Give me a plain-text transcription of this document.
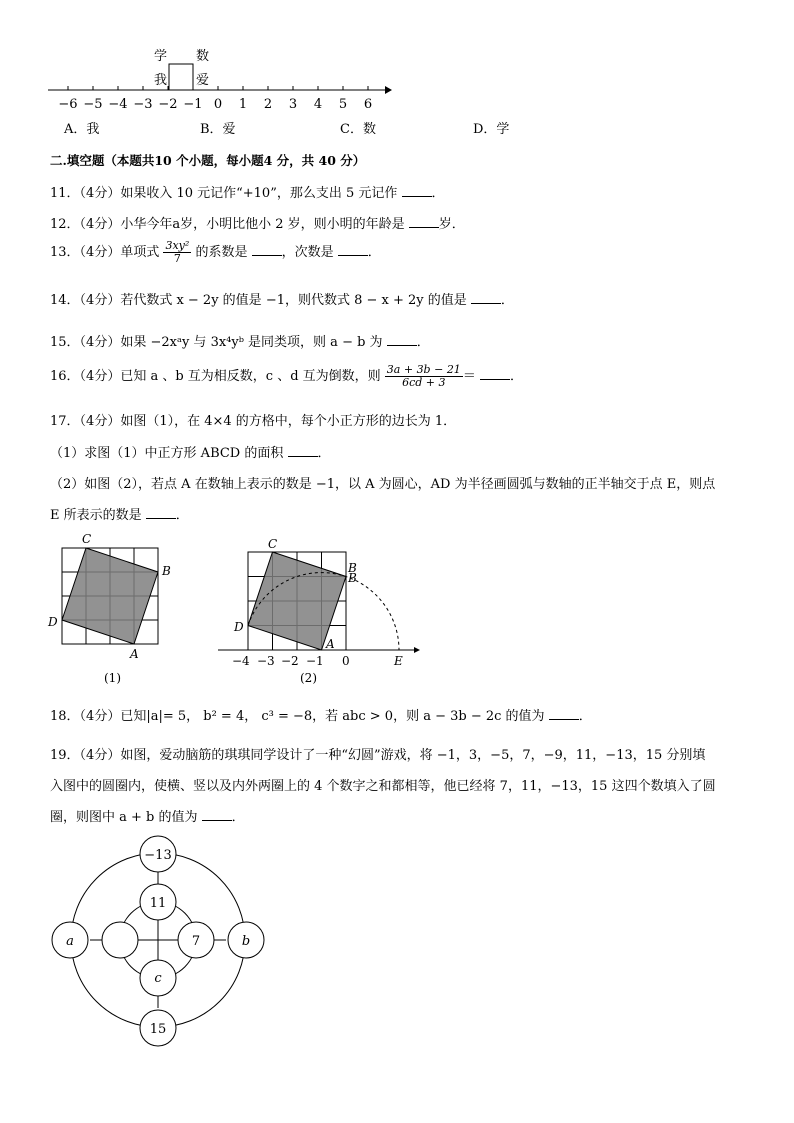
学 数
我 爱
−6 −5 −4 −3 −2 −1 0 1 2 3 4 5 6
A．我	B．爱	C．数	D．学
二.填空题（本题共10 个小题，每小题4 分，共 40 分）
11．（4分）如果收入 10 元记作“+10”，那么支出 5 元记作	．
12．（4分）小华今年a岁，小明比他小 2 岁，则小明的年龄是	岁．
13．（4分）单项式 $\frac{\text{3xy²}}{7}$ 的系数是	，次数是	．
14．（4分）若代数式 x − 2y 的值是 −1，则代数式 8 − x + 2y 的值是	．
15．（4分）如果 −2xᵃy 与 3x⁴yᵇ 是同类项，则 a − b 为	．
16．（4分）已知 a 、b 互为相反数，c 、d 互为倒数，则 $\frac{3a + 3b - 21}{6cd + 3}$ ＝	．
17．（4分）如图（1），在 4×4 的方格中，每个小正方形的边长为 1．
（1）求图（1）中正方形 ABCD 的面积	．
（2）如图（2），若点 A 在数轴上表示的数是 −1，以 A 为圆心，AD 为半径画圆弧与数轴的正半轴交于点 E，则点
E 所表示的数是	．
C
B
D
A
(1)
C
B
B
D
A
E
−4 −3 −2 −1 0
(2)
18．（4分）已知|a|= 5， b² = 4， c³ = −8，若 abc > 0，则 a − 3b − 2c 的值为	．
19．（4分）如图，爱动脑筋的琪琪同学设计了一种“幻圆”游戏，将 −1，3，−5，7，−9，11，−13，15 分别填
入图中的圆圈内，使横、竖以及内外两圈上的 4 个数字之和都相等，他已经将 7，11，−13，15 这四个数填入了圆
圈，则图中 a + b 的值为	．
−13
11
a	7	b
c
15
